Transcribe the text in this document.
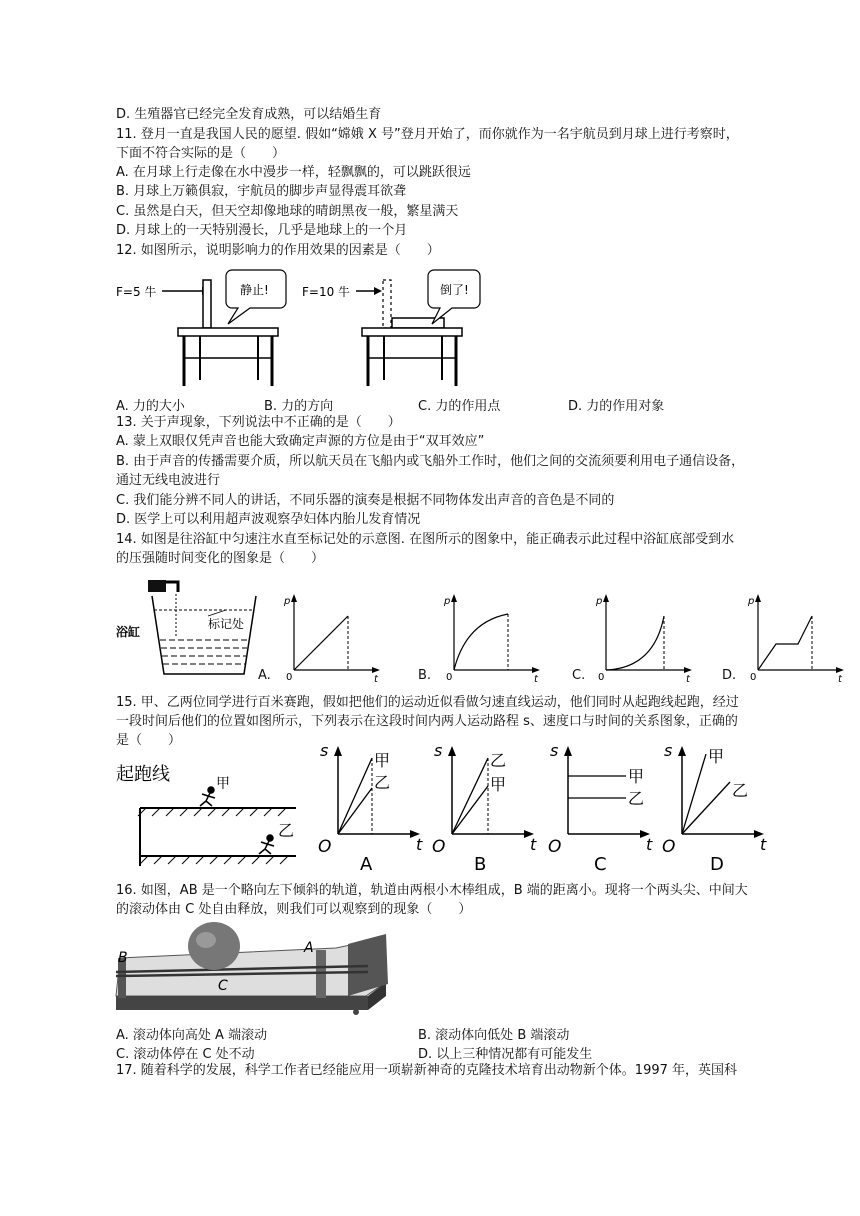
D. 生殖器官已经完全发育成熟，可以结婚生育
11. 登月一直是我国人民的愿望. 假如“嫦娥 X 号”登月开始了，而你就作为一名宇航员到月球上进行考察时，
下面不符合实际的是（　　）
A. 在月球上行走像在水中漫步一样，轻飘飘的，可以跳跃很远
B. 月球上万籁俱寂，宇航员的脚步声显得震耳欲聋
C. 虽然是白天，但天空却像地球的晴朗黑夜一般，繁星满天
D. 月球上的一天特别漫长，几乎是地球上的一个月
12. 如图所示，说明影响力的作用效果的因素是（　　）
F=5 牛	静止!	F=10 牛	倒了!
A. 力的大小	B. 力的方向	C. 力的作用点	D. 力的作用对象
13. 关于声现象，下列说法中不正确的是（　　）
A. 蒙上双眼仅凭声音也能大致确定声源的方位是由于“双耳效应”
B. 由于声音的传播需要介质，所以航天员在飞船内或飞船外工作时，他们之间的交流须要利用电子通信设备，
通过无线电波进行
C. 我们能分辨不同人的讲话，不同乐器的演奏是根据不同物体发出声音的音色是不同的
D. 医学上可以利用超声波观察孕妇体内胎儿发育情况
14. 如图是往浴缸中匀速注水直至标记处的示意图. 在图所示的图象中，能正确表示此过程中浴缸底部受到水
的压强随时间变化的图象是（　　）
标记处
浴缸
A.
p
0	t	B.
p
0	t	C.
p
0	t D.
p
0	t
15. 甲、乙两位同学进行百米赛跑，假如把他们的运动近似看做匀速直线运动，他们同时从起跑线起跑，经过
一段时间后他们的位置如图所示，下列表示在这段时间内两人运动路程 s、速度口与时间的关系图象，正确的
是（　　）
起跑线	甲
乙
s
O	t
甲
乙
A
s
O	t
乙
甲
B
s
O	t
甲
乙
C
s
O	t
甲
乙
D
16. 如图，AB 是一个略向左下倾斜的轨道，轨道由两根小木棒组成，B 端的距离小。现将一个两头尖、中间大
的滚动体由 C 处自由释放，则我们可以观察到的现象（　　）
B
A
C
A. 滚动体向高处 A 端滚动	B. 滚动体向低处 B 端滚动
C. 滚动体停在 C 处不动	D. 以上三种情况都有可能发生
17. 随着科学的发展，科学工作者已经能应用一项崭新神奇的克隆技术培育出动物新个体。1997 年，英国科
